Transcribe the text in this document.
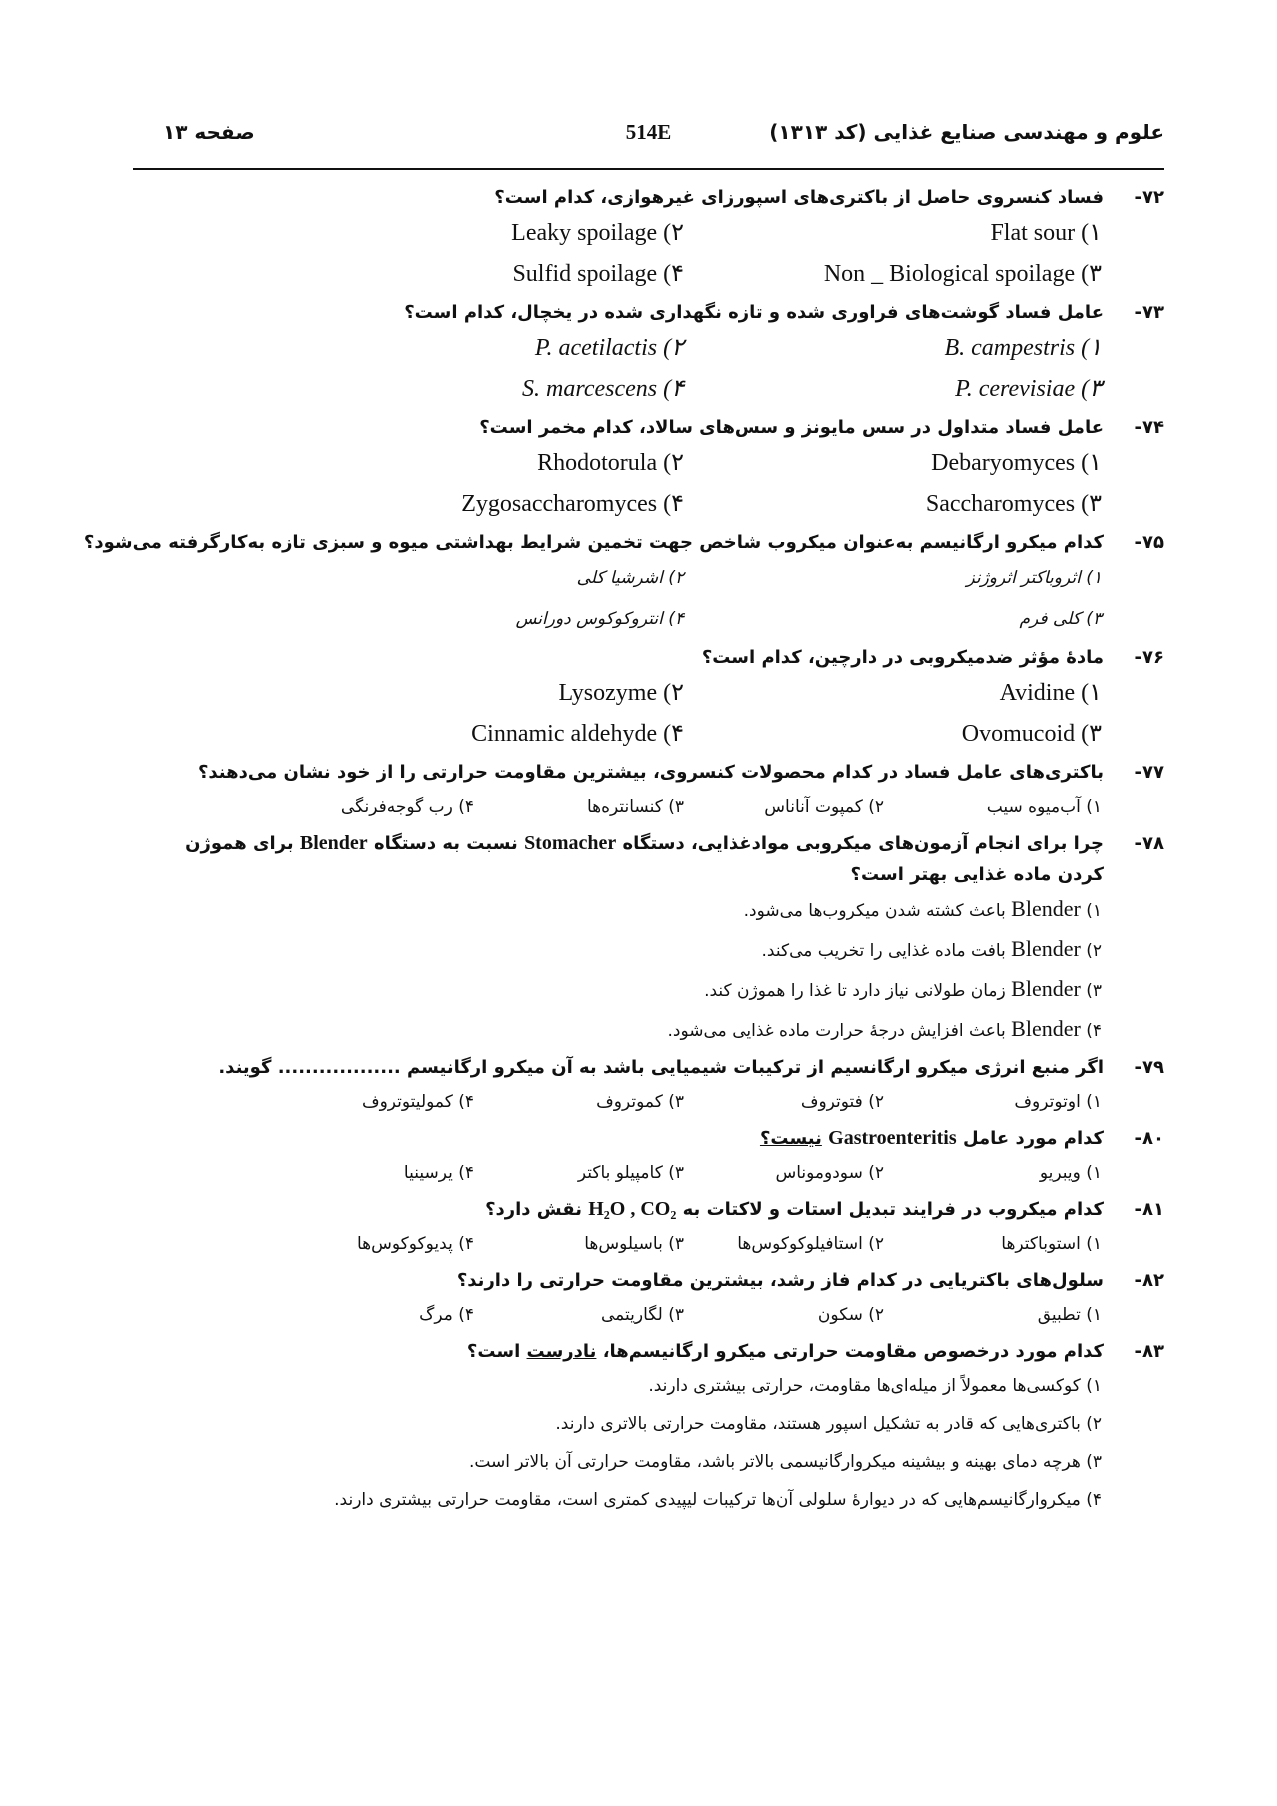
علوم و مهندسی صنایع غذایی (کد ۱۳۱۳)
514E
صفحه ۱۳
۷۲-
فساد کنسروی حاصل از باکتری‌های اسپورزای غیرهوازی، کدام است؟
Flat sour (۱
Leaky spoilage (۲
Non _ Biological spoilage (۳
Sulfid spoilage (۴
۷۳-
عامل فساد گوشت‌های فراوری شده و تازه نگهداری شده در یخچال، کدام است؟
B. campestris (۱
P. acetilactis (۲
P. cerevisiae (۳
S. marcescens (۴
۷۴-
عامل فساد متداول در سس مایونز و سس‌های سالاد، کدام مخمر است؟
Debaryomyces (۱
Rhodotorula (۲
Saccharomyces (۳
Zygosaccharomyces (۴
۷۵-
کدام میکرو ارگانیسم به‌عنوان میکروب شاخص جهت تخمین شرایط بهداشتی میوه و سبزی تازه به‌کارگرفته می‌شود؟
۱) اثروباکتر اثروژنز
۲) اشرشیا کلی
۳) کلی فرم
۴) انتروکوکوس دورانس
۷۶-
مادهٔ مؤثر ضدمیکروبی در دارچین، کدام است؟
Avidine (۱
Lysozyme (۲
Ovomucoid (۳
Cinnamic aldehyde (۴
۷۷-
باکتری‌های عامل فساد در کدام محصولات کنسروی، بیشترین مقاومت حرارتی را از خود نشان می‌دهند؟
۱) آب‌میوه سیب
۲) کمپوت آناناس
۳) کنسانتره‌ها
۴) رب گوجه‌فرنگی
۷۸-
چرا برای انجام آزمون‌های میکروبی موادغذایی، دستگاه Stomacher نسبت به دستگاه Blender برای هموژن
کردن ماده غذایی بهتر است؟
۱) Blender باعث کشته شدن میکروب‌ها می‌شود.
۲) Blender بافت ماده غذایی را تخریب می‌کند.
۳) Blender زمان طولانی نیاز دارد تا غذا را هموژن کند.
۴) Blender باعث افزایش درجهٔ حرارت ماده غذایی می‌شود.
۷۹-
اگر منبع انرژی میکرو ارگانسیم از ترکیبات شیمیایی باشد به آن میکرو ارگانیسم .................. گویند.
۱) اوتوتروف
۲) فتوتروف
۳) کموتروف
۴) کمولیتوتروف
۸۰-
کدام مورد عامل Gastroenteritis نیست؟
۱) ویبریو
۲) سودوموناس
۳) کامپیلو باکتر
۴) یرسینیا
۸۱-
کدام میکروب در فرایند تبدیل استات و لاکتات به H₂O , CO₂ نقش دارد؟
۱) استوباکترها
۲) استافیلوکوکوس‌ها
۳) باسیلوس‌ها
۴) پدیوکوکوس‌ها
۸۲-
سلول‌های باکتریایی در کدام فاز رشد، بیشترین مقاومت حرارتی را دارند؟
۱) تطبیق
۲) سکون
۳) لگاریتمی
۴) مرگ
۸۳-
کدام مورد درخصوص مقاومت حرارتی میکرو ارگانیسم‌ها، نادرست است؟
۱) کوکسی‌ها معمولاً از میله‌ای‌ها مقاومت، حرارتی بیشتری دارند.
۲) باکتری‌هایی که قادر به تشکیل اسپور هستند، مقاومت حرارتی بالاتری دارند.
۳) هرچه دمای بهینه و بیشینه میکروارگانیسمی بالاتر باشد، مقاومت حرارتی آن بالاتر است.
۴) میکروارگانیسم‌هایی که در دیوارهٔ سلولی آن‌ها ترکیبات لیپیدی کمتری است، مقاومت حرارتی بیشتری دارند.
